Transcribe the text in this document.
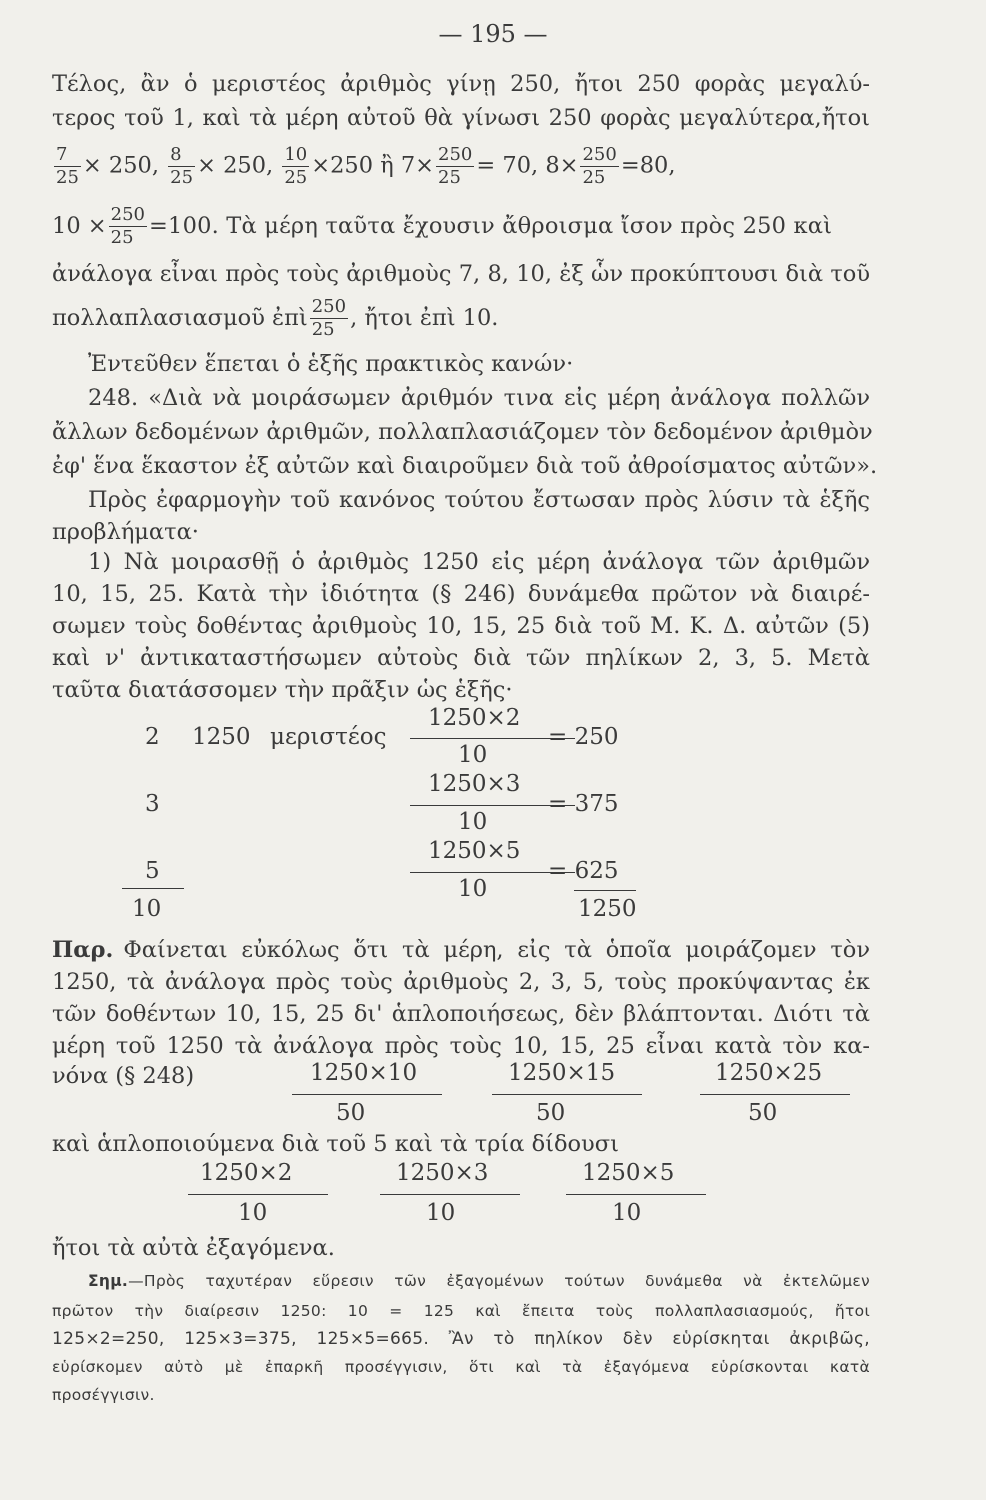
— 195 —
Τέλος, ἂν ὁ μεριστέος ἀριθμὸς γίνῃ 250, ἤτοι 250 φορὰς μεγαλύ-
τερος τοῦ 1, καὶ τὰ μέρη αὐτοῦ θὰ γίνωσι 250 φορὰς μεγαλύτερα,ἤτοι
$\frac{7}{25} \times 250$, $\frac{8}{25} \times 250$, $\frac{10}{25} \times 250$ ἢ $7\times \frac{250}{25} = 70$, $8\times \frac{250}{25} =80$,
$10 \times \frac{250}{25} =100$. Τὰ μέρη ταῦτα ἔχουσιν ἄθροισμα ἴσον πρὸς 250 καὶ
ἀνάλογα εἶναι πρὸς τοὺς ἀριθμοὺς 7, 8, 10, ἐξ ὧν προκύπτουσι διὰ τοῦ
πολλαπλασιασμοῦ ἐπὶ $\frac{250}{25}$ , ἤτοι ἐπὶ 10.
Ἐντεῦθεν ἕπεται ὁ ἑξῆς πρακτικὸς κανών·
248. «Διὰ νὰ μοιράσωμεν ἀριθμόν τινα εἰς μέρη ἀνάλογα πολλῶν
ἄλλων δεδομένων ἀριθμῶν, πολλαπλασιάζομεν τὸν δεδομένον ἀριθμὸν
ἐφ' ἕνα ἕκαστον ἐξ αὐτῶν καὶ διαιροῦμεν διὰ τοῦ ἀθροίσματος αὐτῶν».
Πρὸς ἐφαρμογὴν τοῦ κανόνος τούτου ἔστωσαν πρὸς λύσιν τὰ ἑξῆς
προβλήματα·
1) Νὰ μοιρασθῇ ὁ ἀριθμὸς 1250 εἰς μέρη ἀνάλογα τῶν ἀριθμῶν
10, 15, 25. Κατὰ τὴν ἰδιότητα (§ 246) δυνάμεθα πρῶτον νὰ διαιρέ-
σωμεν τοὺς δοθέντας ἀριθμοὺς 10, 15, 25 διὰ τοῦ Μ. Κ. Δ. αὐτῶν (5)
καὶ ν' ἀντικαταστήσωμεν αὐτοὺς διὰ τῶν πηλίκων 2, 3, 5. Μετὰ
ταῦτα διατάσσομεν τὴν πρᾶξιν ὡς ἑξῆς·
2 1250 μεριστέος
1250×2
10
= 250
3
1250×3
10
= 375
5
10
1250×5
10
= 625
1250
Παρ. Φαίνεται εὐκόλως ὅτι τὰ μέρη, εἰς τὰ ὁποῖα μοιράζομεν τὸν
1250, τὰ ἀνάλογα πρὸς τοὺς ἀριθμοὺς 2, 3, 5, τοὺς προκύψαντας ἐκ
τῶν δοθέντων 10, 15, 25 δι' ἁπλοποιήσεως, δὲν βλάπτονται. Διότι τὰ
μέρη τοῦ 1250 τὰ ἀνάλογα πρὸς τοὺς 10, 15, 25 εἶναι κατὰ τὸν κα-
νόνα (§ 248)	1250×10
50
1250×15
50
1250×25
50
καὶ ἁπλοποιούμενα διὰ τοῦ 5 καὶ τὰ τρία δίδουσι
1250×2
10
1250×3
10
1250×5
10
ἤτοι τὰ αὐτὰ ἐξαγόμενα.
Σημ.—Πρὸς ταχυτέραν εὕρεσιν τῶν ἐξαγομένων τούτων δυνάμεθα νὰ ἐκτελῶμεν
πρῶτον τὴν διαίρεσιν 1250: 10 = 125 καὶ ἔπειτα τοὺς πολλαπλασιασμούς, ἤτοι
125×2=250, 125×3=375, 125×5=665. Ἂν τὸ πηλίκον δὲν εὑρίσκηται ἀκριβῶς,
εὑρίσκομεν αὐτὸ μὲ ἐπαρκῆ προσέγγισιν, ὅτι καὶ τὰ ἐξαγόμενα εὑρίσκονται κατὰ
προσέγγισιν.
